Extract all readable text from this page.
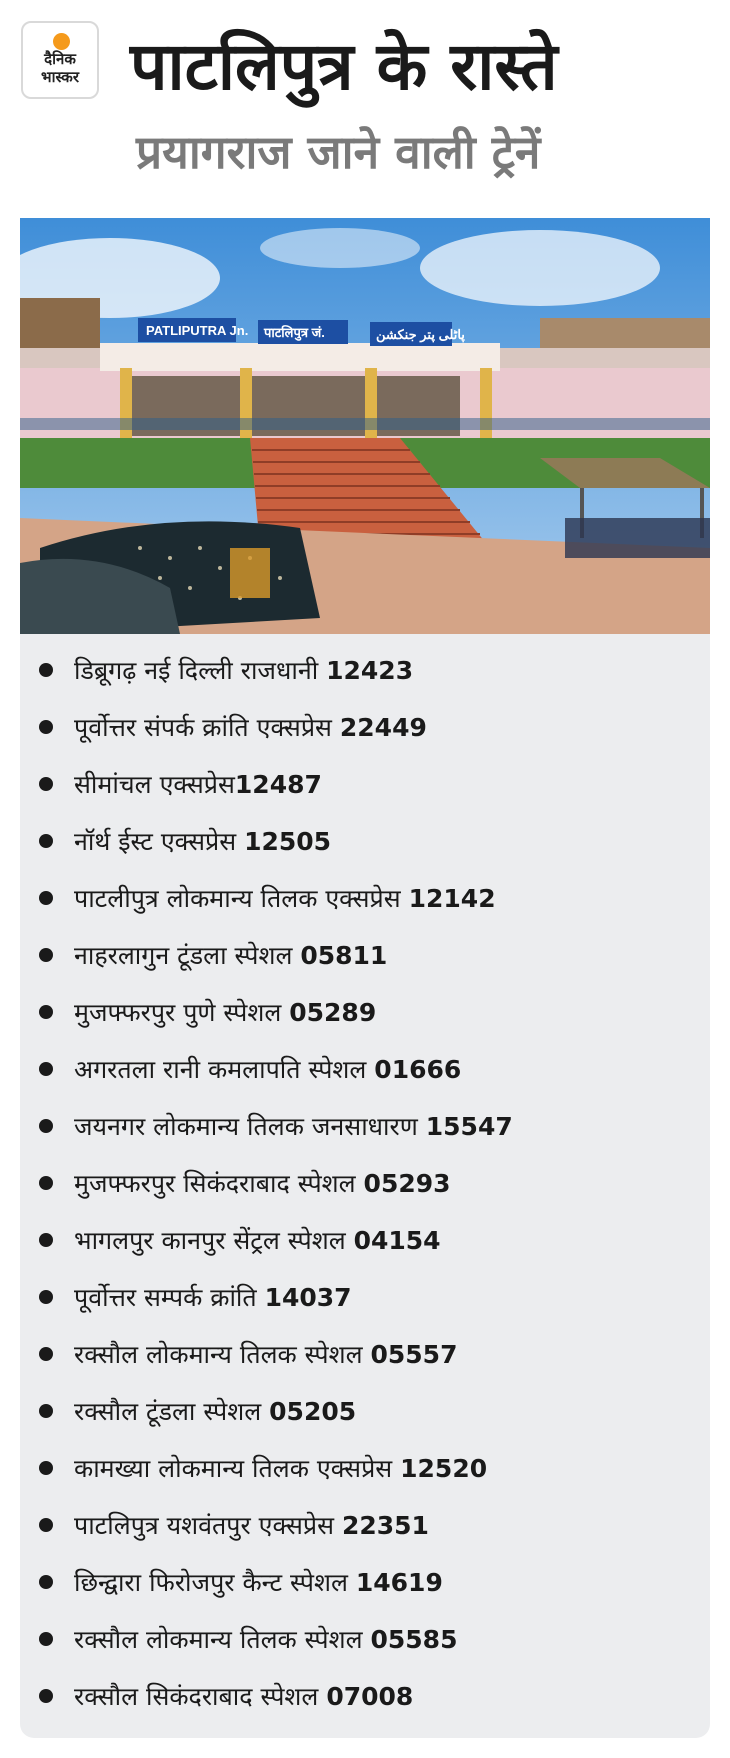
दैनिक
भास्कर पाटलिपुत्र के रास्ते
प्रयागराज जाने वाली ट्रेनें
PATLIPUTRA Jn. पाटलिपुत्र जं.	پاٹلی پتر جنکشن
डिब्रूगढ़ नई दिल्ली राजधानी 12423
पूर्वोत्तर संपर्क क्रांति एक्सप्रेस 22449
सीमांचल एक्सप्रेस12487
नॉर्थ ईस्ट एक्सप्रेस 12505
पाटलीपुत्र लोकमान्य तिलक एक्सप्रेस 12142
नाहरलागुन टूंडला स्पेशल 05811
मुजफ्फरपुर पुणे स्पेशल 05289
अगरतला रानी कमलापति स्पेशल 01666
जयनगर लोकमान्य तिलक जनसाधारण 15547
मुजफ्फरपुर सिकंदराबाद स्पेशल 05293
भागलपुर कानपुर सेंट्रल स्पेशल 04154
पूर्वोत्तर सम्पर्क क्रांति 14037
रक्सौल लोकमान्य तिलक स्पेशल 05557
रक्सौल टूंडला स्पेशल 05205
कामख्या लोकमान्य तिलक एक्सप्रेस 12520
पाटलिपुत्र यशवंतपुर एक्सप्रेस 22351
छिन्द्वारा फिरोजपुर कैन्ट स्पेशल 14619
रक्सौल लोकमान्य तिलक स्पेशल 05585
रक्सौल सिकंदराबाद स्पेशल 07008
